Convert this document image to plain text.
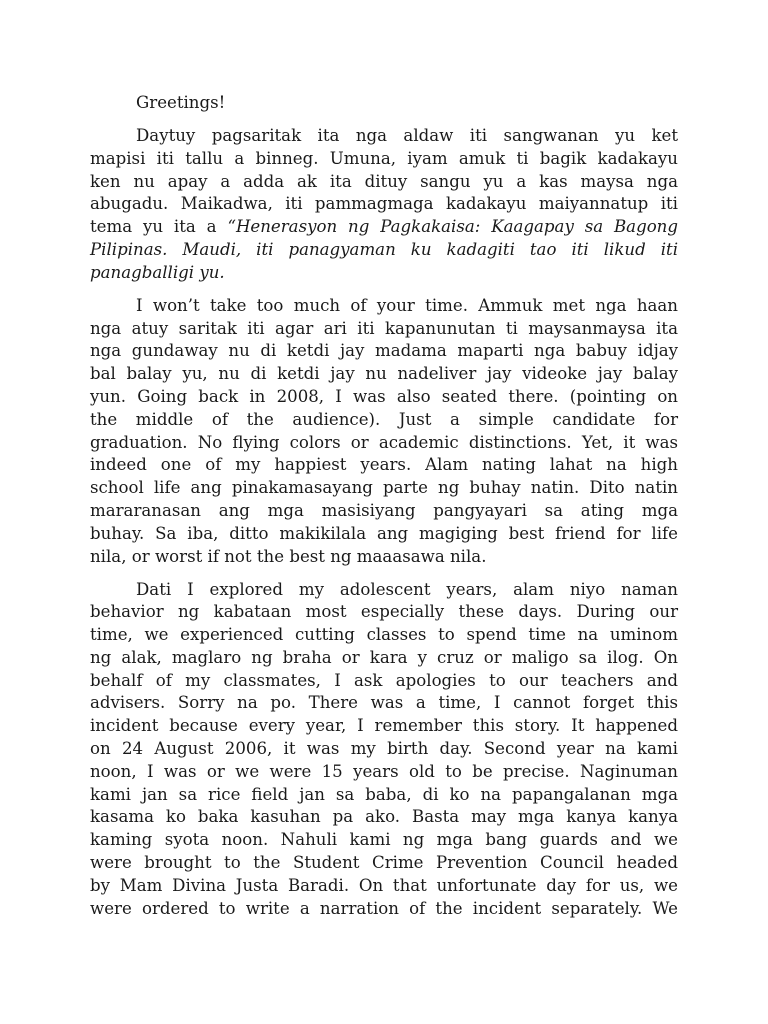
Greetings!
Daytuy pagsaritak ita nga aldaw iti sangwanan yu ket
mapisi iti tallu a binneg. Umuna, iyam amuk ti bagik kadakayu
ken nu apay a adda ak ita dituy sangu yu a kas maysa nga
abugadu. Maikadwa, iti pammagmaga kadakayu maiyannatup iti
tema yu ita a “Henerasyon ng Pagkakaisa: Kaagapay sa Bagong
Pilipinas. Maudi, iti panagyaman ku kadagiti tao iti likud iti
panagballigi yu.
I won’t take too much of your time. Ammuk met nga haan
nga atuy saritak iti agar ari iti kapanunutan ti maysanmaysa ita
nga gundaway nu di ketdi jay madama maparti nga babuy idjay
bal balay yu, nu di ketdi jay nu nadeliver jay videoke jay balay
yun. Going back in 2008, I was also seated there. (pointing on
the middle of the audience). Just a simple candidate for
graduation. No flying colors or academic distinctions. Yet, it was
indeed one of my happiest years. Alam nating lahat na high
school life ang pinakamasayang parte ng buhay natin. Dito natin
mararanasan ang mga masisiyang pangyayari sa ating mga
buhay. Sa iba, ditto makikilala ang magiging best friend for life
nila, or worst if not the best ng maaasawa nila.
Dati I explored my adolescent years, alam niyo naman
behavior ng kabataan most especially these days. During our
time, we experienced cutting classes to spend time na uminom
ng alak, maglaro ng braha or kara y cruz or maligo sa ilog. On
behalf of my classmates, I ask apologies to our teachers and
advisers. Sorry na po. There was a time, I cannot forget this
incident because every year, I remember this story. It happened
on 24 August 2006, it was my birth day. Second year na kami
noon, I was or we were 15 years old to be precise. Naginuman
kami jan sa rice field jan sa baba, di ko na papangalanan mga
kasama ko baka kasuhan pa ako. Basta may mga kanya kanya
kaming syota noon. Nahuli kami ng mga bang guards and we
were brought to the Student Crime Prevention Council headed
by Mam Divina Justa Baradi. On that unfortunate day for us, we
were ordered to write a narration of the incident separately. We
